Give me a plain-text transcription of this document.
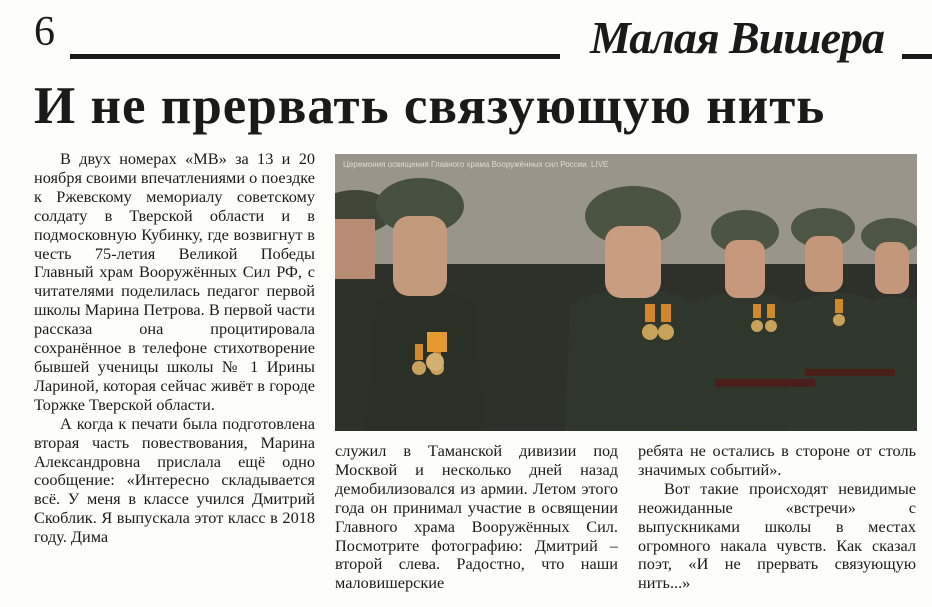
6	Малая Вишера
И не прервать связующую нить

В двух номерах «МВ» за 13 и 20 ноября своими впечатлениями о поездке к Ржевскому мемориалу советскому солдату в Тверской области и в подмосковную Кубинку, где возвигнут в честь 75-летия Великой Победы Главный храм Вооружённых Сил РФ, с читателями поделилась педагог первой школы Марина Петрова. В первой части рассказа она процитировала сохранённое в телефоне стихотворение бывшей ученицы школы № 1 Ирины Лариной, которая сейчас живёт в городе Торжке Тверской области.

А когда к печати была подготовлена вторая часть повествования, Марина Александровна прислала ещё одно сообщение: «Интересно складывается всё. У меня в классе учился Дмитрий Скоблик. Я выпускала этот класс в 2018 году. Дима

Церемония освящения Главного храма Вооружённых сил России. LIVE

служил в Таманской дивизии под Москвой и несколько дней назад демобилизовался из армии. Летом этого года он принимал участие в освящении Главного храма Вооружённых Сил. Посмотрите фотографию: Дмитрий – второй слева. Радостно, что наши маловишерские

ребята не остались в стороне от столь значимых событий».

Вот такие происходят невидимые неожиданные «встречи» с выпускниками школы в местах огромного накала чувств. Как сказал поэт, «И не прервать связующую нить...»
